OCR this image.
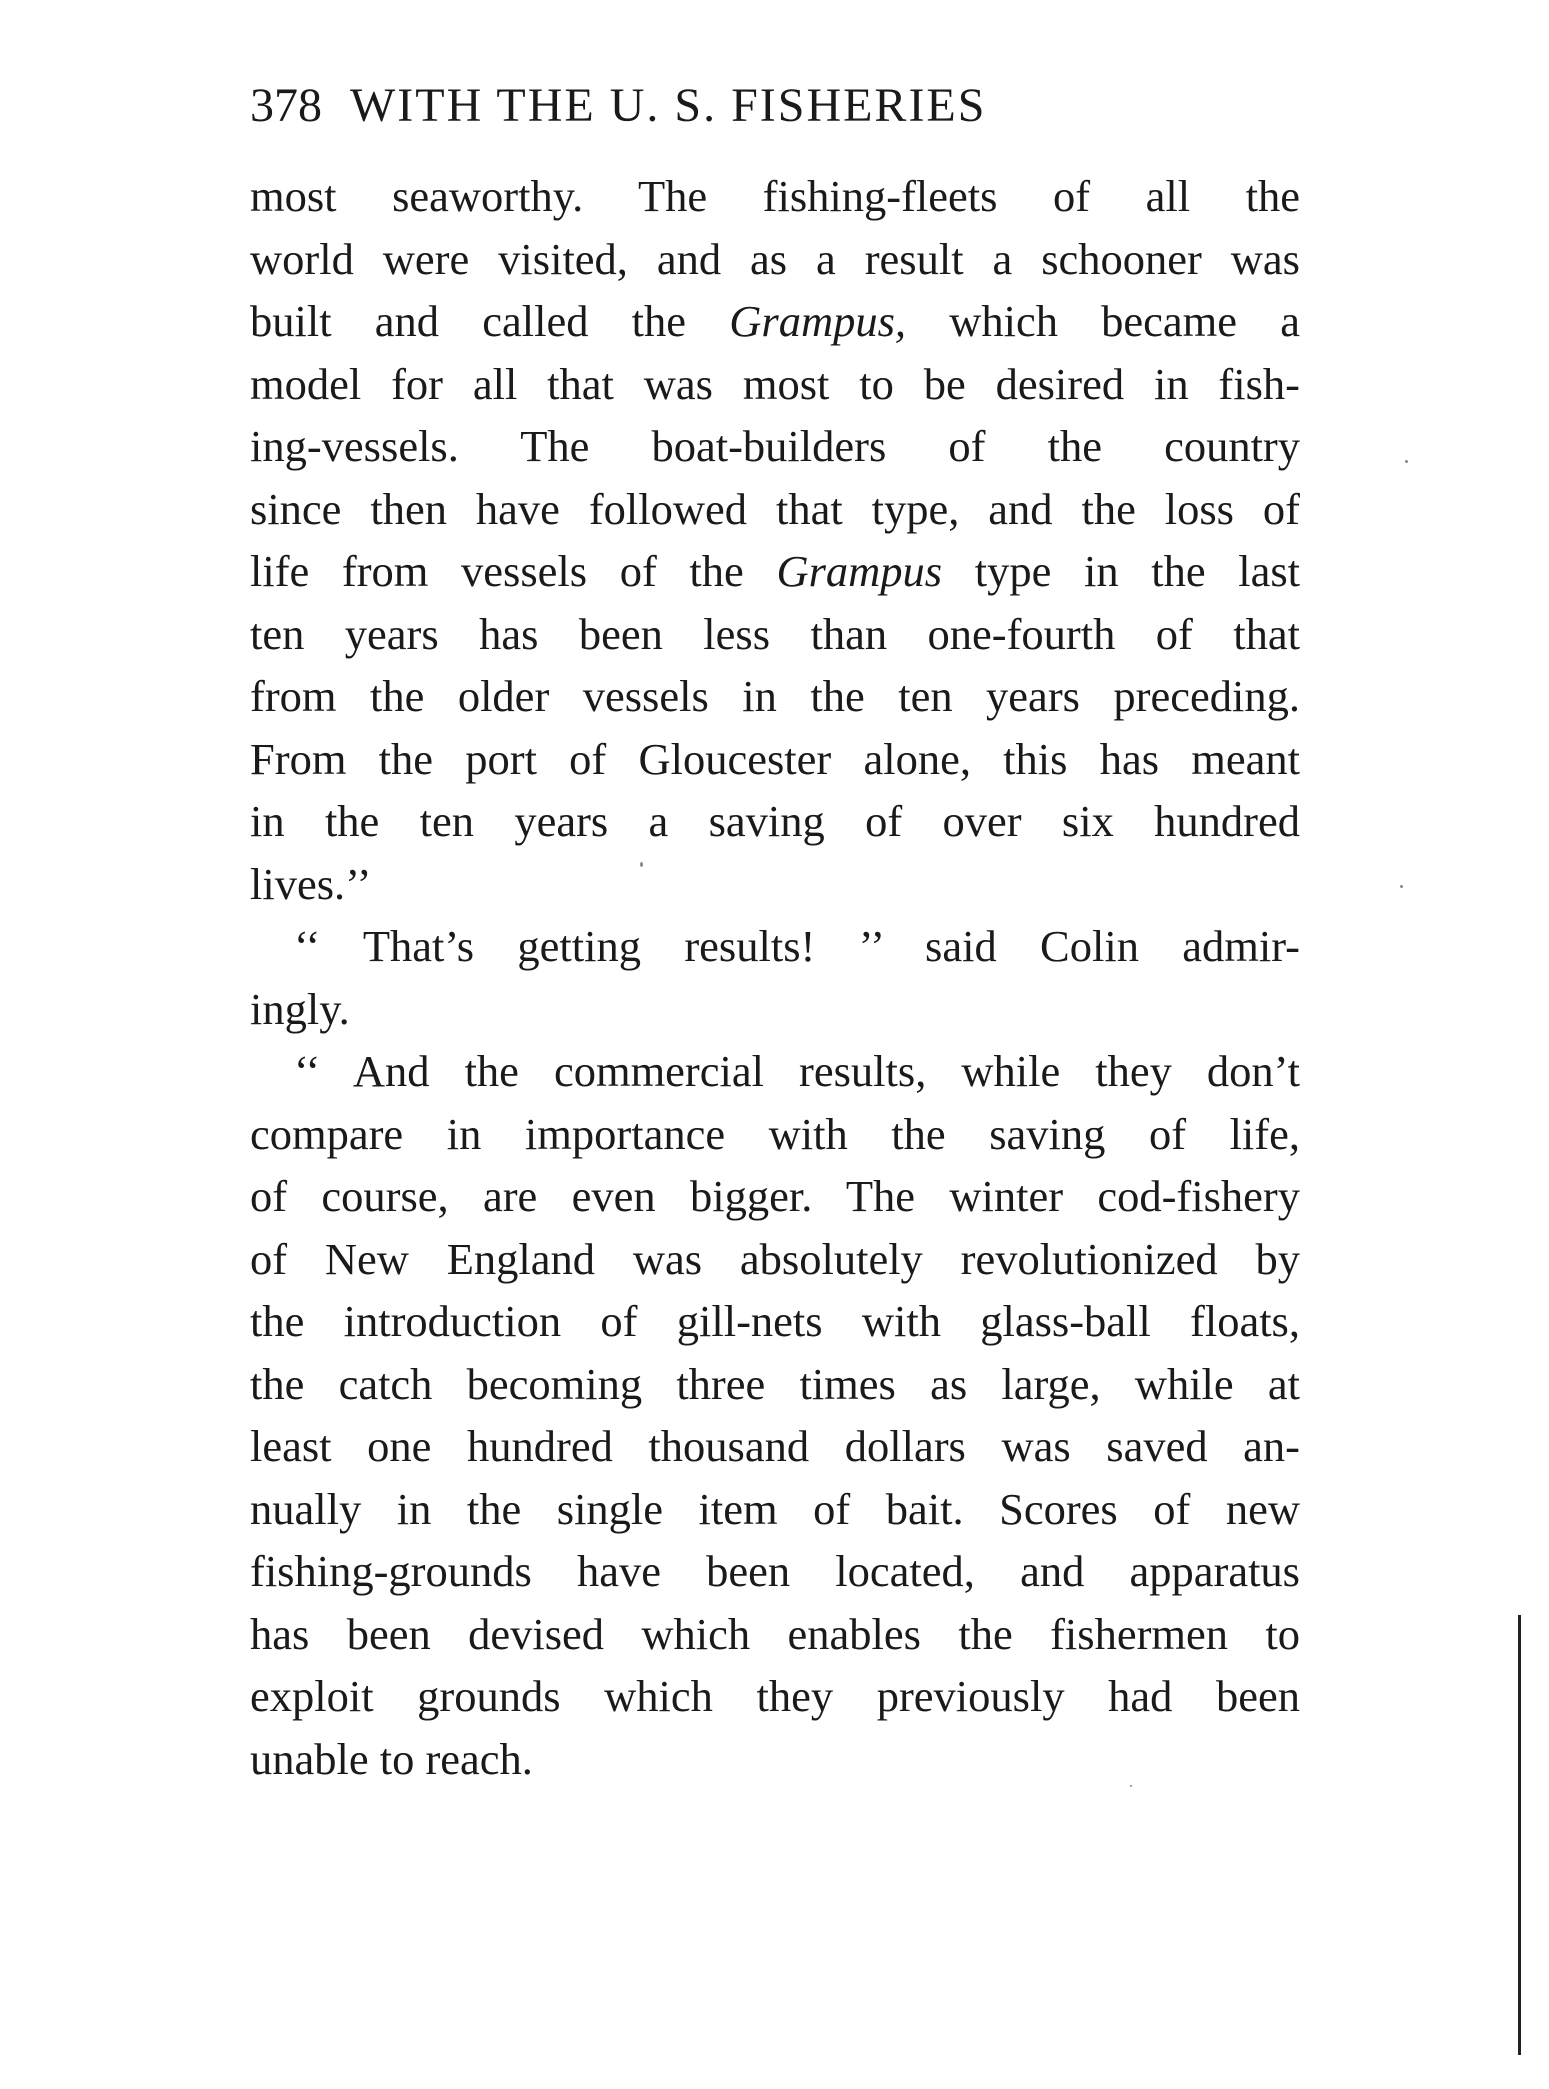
378 WITH THE U. S. FISHERIES
most seaworthy. The fishing-fleets of all the
world were visited, and as a result a schooner was
built and called the Grampus, which became a
model for all that was most to be desired in fish-
ing-vessels. The boat-builders of the country
since then have followed that type, and the loss of
life from vessels of the Grampus type in the last
ten years has been less than one-fourth of that
from the older vessels in the ten years preceding.
From the port of Gloucester alone, this has meant
in the ten years a saving of over six hundred
lives.’’
‘‘ That’s getting results! ’’ said Colin admir-
ingly.
‘‘ And the commercial results, while they don’t
compare in importance with the saving of life,
of course, are even bigger. The winter cod-fishery
of New England was absolutely revolutionized by
the introduction of gill-nets with glass-ball floats,
the catch becoming three times as large, while at
least one hundred thousand dollars was saved an-
nually in the single item of bait. Scores of new
fishing-grounds have been located, and apparatus
has been devised which enables the fishermen to
exploit grounds which they previously had been
unable to reach.
